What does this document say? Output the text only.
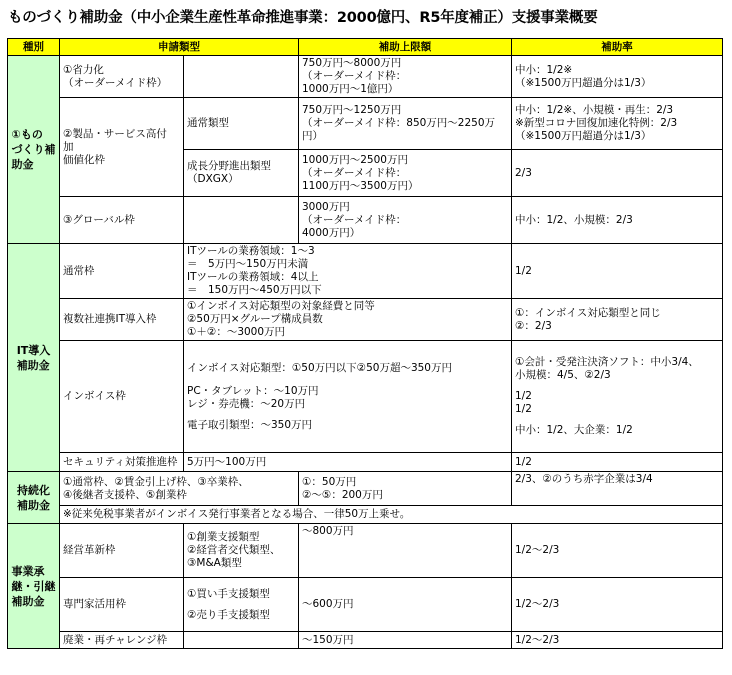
ものづくり補助金（中小企業生産性革命推進事業：2000億円、R5年度補正）支援事業概要
種別	申請類型		補助上限額	補助率

①もの
づくり補
助金	①省力化
（オーダーメイド枠）		750万円～8000万円
（オーダーメイド枠：
1000万円～1億円）	中小：1/2※
（※1500万円超過分は1/3）

	②製品・サービス高付
加
価値化枠	通常類型	750万円～1250万円
（オーダーメイド枠：850万円～2250万
円）	中小：1/2※、小規模・再生：2/3
※新型コロナ回復加速化特例：2/3
（※1500万円超過分は1/3）

		成長分野進出類型
（DXGX）	1000万円～2500万円
（オーダーメイド枠：
1100万円～3500万円）	2/3
	③グローバル枠		3000万円
（オーダーメイド枠：
4000万円）	中小：1/2、小規模：2/3

IT導入
補助金	通常枠	ITツールの業務領域：1～3
＝　5万円～150万円未満
ITツールの業務領域：4以上
＝　150万円～450万円以下		1/2
	複数社連携IT導入枠	①インボイス対応類型の対象経費と同等
②50万円×グループ構成員数
①＋②：～3000万円		①：インボイス対応類型と同じ
②：2/3

	インボイス枠	インボイス対応類型：①50万円以下②50万超～350万円
PC・タブレット：～10万円
レジ・券売機：～20万円
電子取引類型：～350万円		①会計・受発注決済ソフト：中小3/4、
小規模：4/5、②2/3
1/2
1/2
中小：1/2、大企業：1/2

	セキュリティ対策推進枠	5万円～100万円		1/2

持続化
補助金	①通常枠、②賃金引上げ枠、③卒業枠、
④後継者支援枠、⑤創業枠		①：50万円
②～⑤：200万円	2/3、②のうち赤字企業は3/4
	※従来免税事業者がインボイス発行事業者となる場合、一律50万上乗せ。			

事業承
継・引継
補助金	経営革新枠	①創業支援類型
②経営者交代類型、
③M&A類型	～800万円	1/2～2/3
	専門家活用枠	①買い手支援類型
②売り手支援類型	～600万円	1/2～2/3
	廃業・再チャレンジ枠		～150万円	1/2～2/3
